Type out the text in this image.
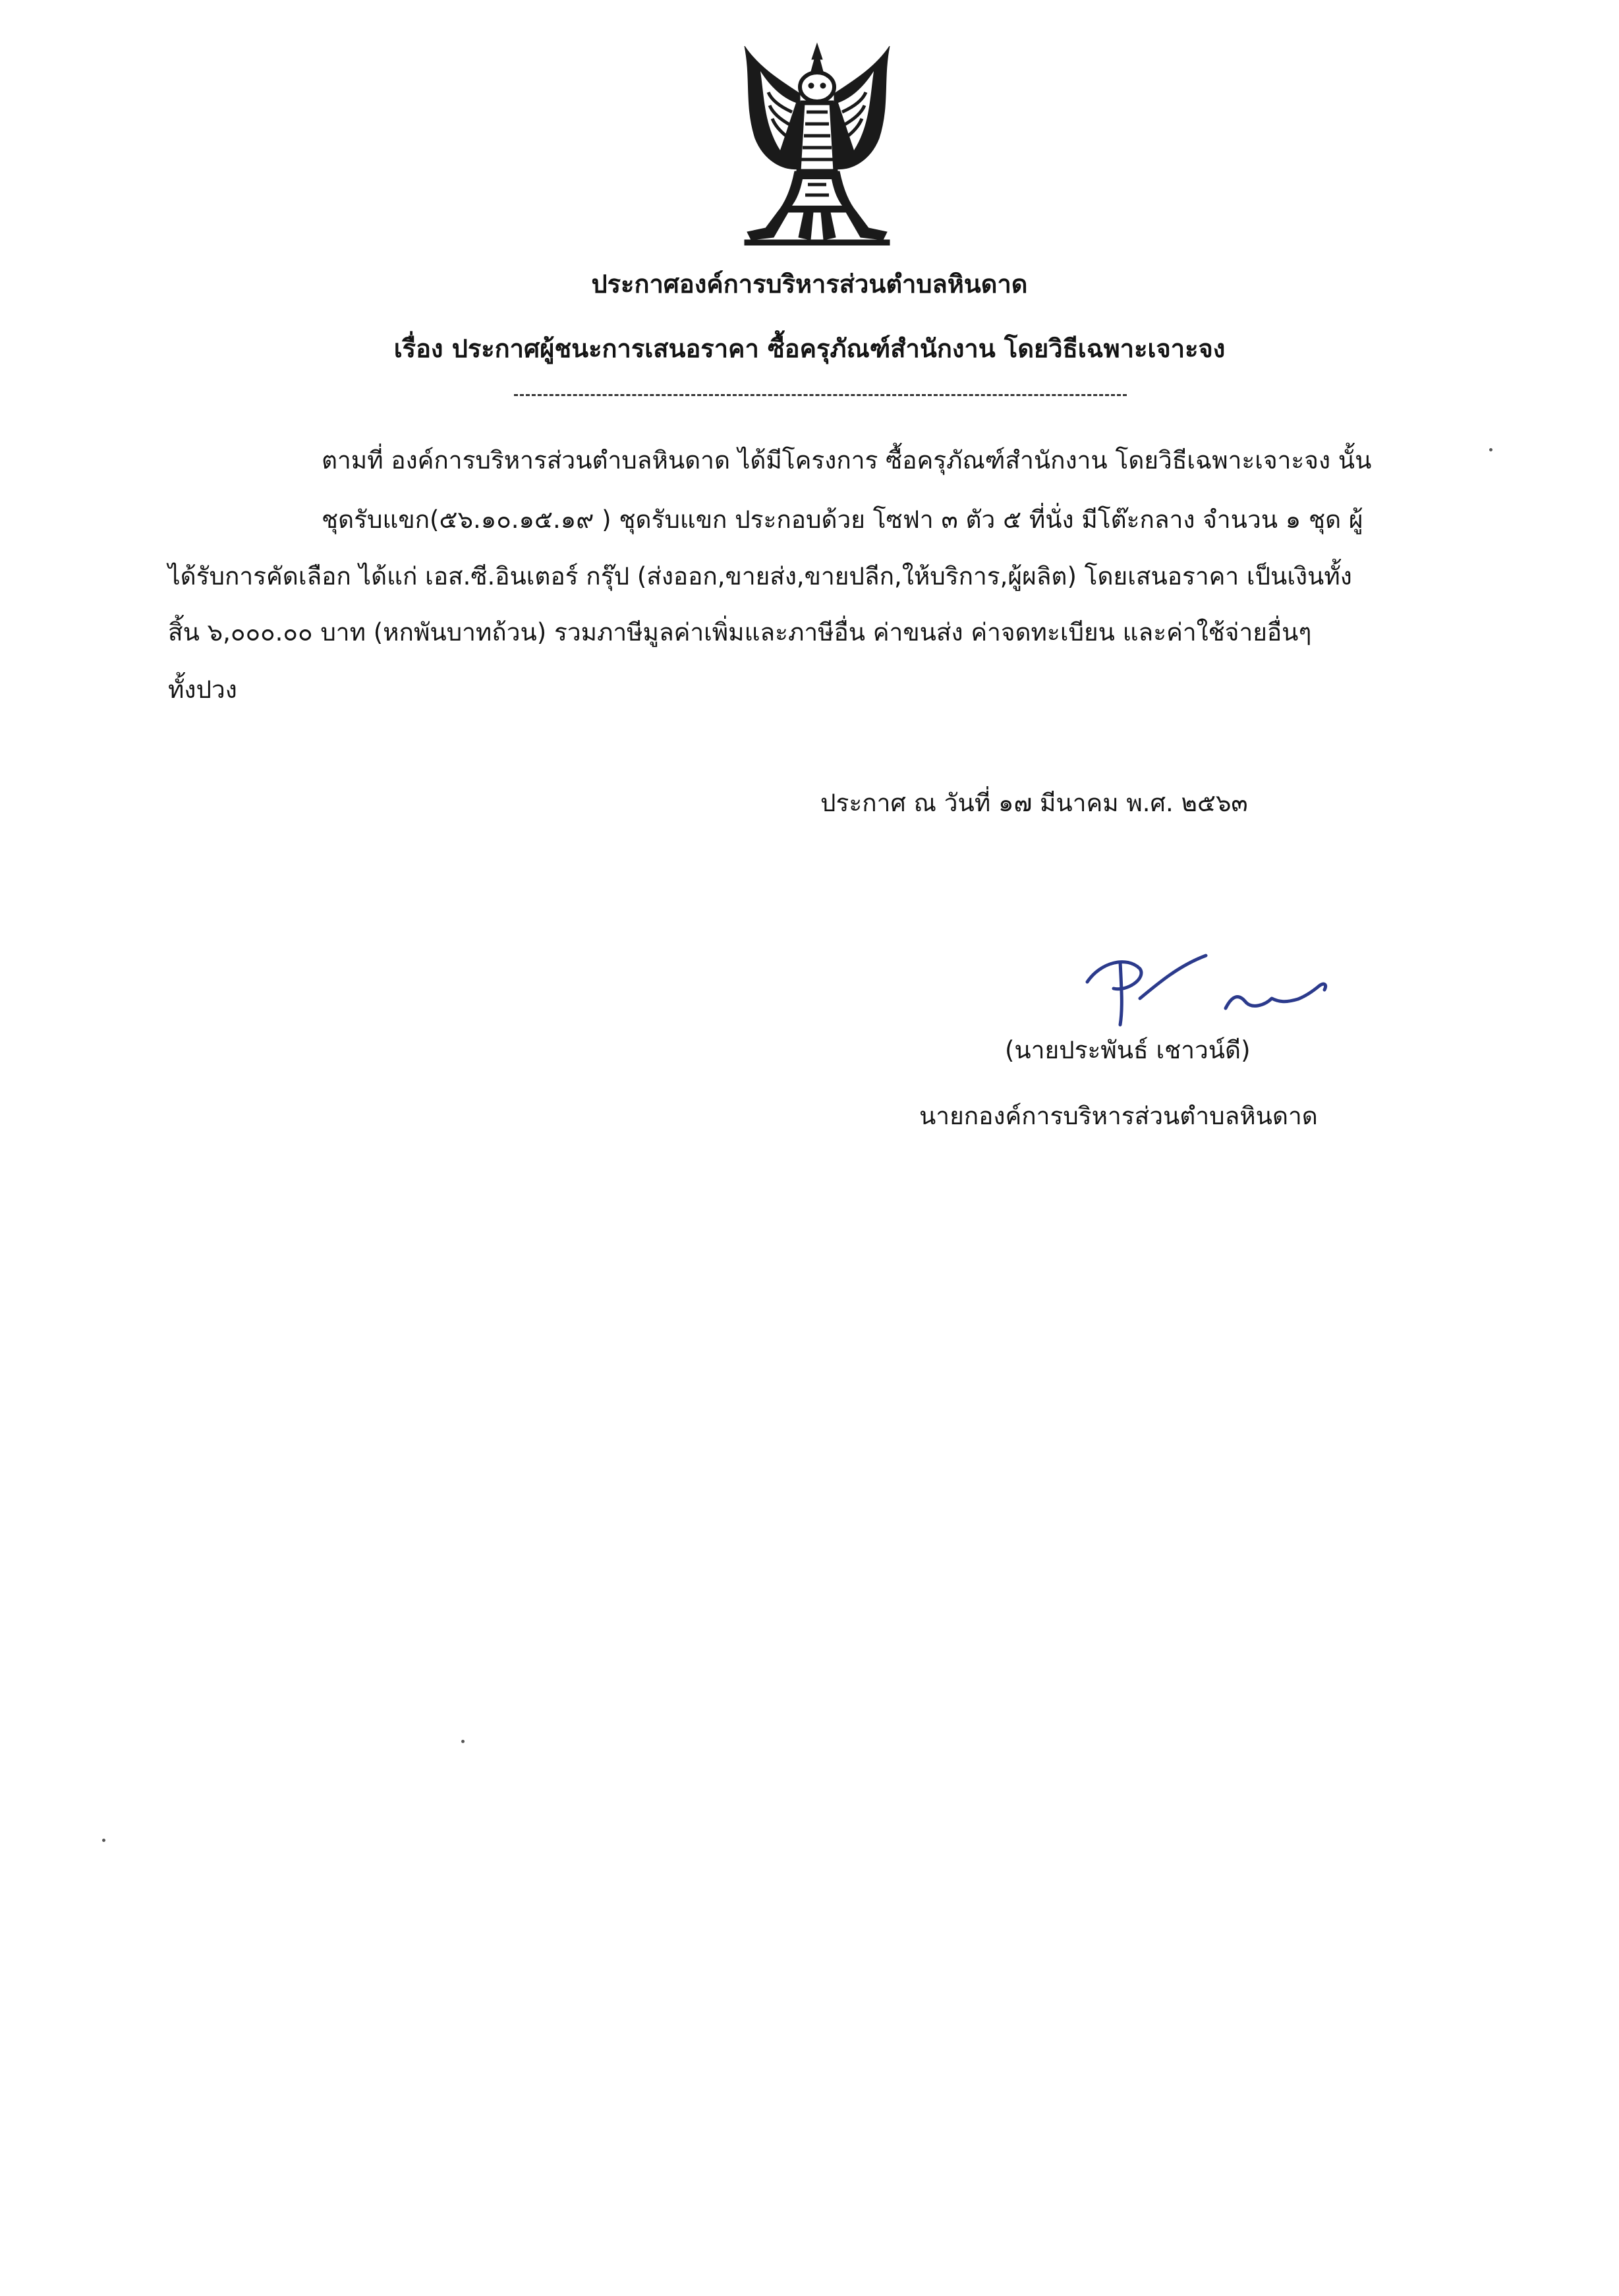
ประกาศองค์การบริหารส่วนตำบลหินดาด
เรื่อง ประกาศผู้ชนะการเสนอราคา ซื้อครุภัณฑ์สำนักงาน โดยวิธีเฉพาะเจาะจง
ตามที่ องค์การบริหารส่วนตำบลหินดาด ได้มีโครงการ ซื้อครุภัณฑ์สำนักงาน โดยวิธีเฉพาะเจาะจง นั้น
ชุดรับแขก(๕๖.๑๐.๑๕.๑๙ ) ชุดรับแขก ประกอบด้วย โซฟา ๓ ตัว ๕ ที่นั่ง มีโต๊ะกลาง จำนวน ๑ ชุด ผู้
ได้รับการคัดเลือก ได้แก่ เอส.ซี.อินเตอร์ กรุ๊ป (ส่งออก,ขายส่ง,ขายปลีก,ให้บริการ,ผู้ผลิต) โดยเสนอราคา เป็นเงินทั้ง
สิ้น ๖,๐๐๐.๐๐ บาท (หกพันบาทถ้วน) รวมภาษีมูลค่าเพิ่มและภาษีอื่น ค่าขนส่ง ค่าจดทะเบียน และค่าใช้จ่ายอื่นๆ
ทั้งปวง
ประกาศ ณ วันที่ ๑๗ มีนาคม พ.ศ. ๒๕๖๓
(นายประพันธ์ เชาวน์ดี)
นายกองค์การบริหารส่วนตำบลหินดาด
